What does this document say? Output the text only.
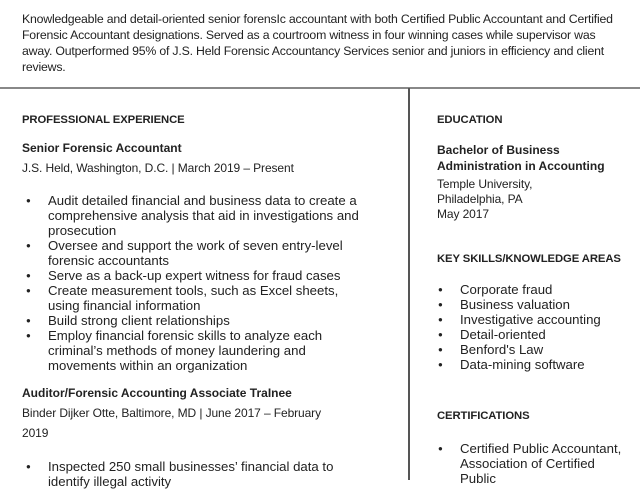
Knowledgeable and detail-oriented senior forensIc accountant with both Certified Public Accountant and Certified Forensic Accountant designations. Served as a courtroom witness in four winning cases while supervisor was away. Outperformed 95% of J.S. Held Forensic Accountancy Services senior and juniors in efficiency and client reviews.
PROFESSIONAL EXPERIENCE
Senior Forensic Accountant
J.S. Held, Washington, D.C. | March 2019 – Present
● Audit detailed financial and business data to create a comprehensive analysis that aid in investigations and prosecution
● Oversee and support the work of seven entry-level forensic accountants
● Serve as a back-up expert witness for fraud cases
● Create measurement tools, such as Excel sheets, using financial information
● Build strong client relationships
● Employ financial forensic skills to analyze each criminal’s methods of money laundering and movements within an organization
Auditor/Forensic Accounting Associate TraInee
Binder Dijker Otte, Baltimore, MD | June 2017 – February 2019
● Inspected 250 small businesses’ financial data to identify illegal activity
EDUCATION
Bachelor of Business Administration in Accounting
Temple University,
Philadelphia, PA
May 2017
KEY SKILLS/KNOWLEDGE AREAS
● Corporate fraud
● Business valuation
● Investigative accounting
● Detail-oriented
● Benford's Law
● Data-mining software
CERTIFICATIONS
● Certified Public Accountant, Association of Certified Public
